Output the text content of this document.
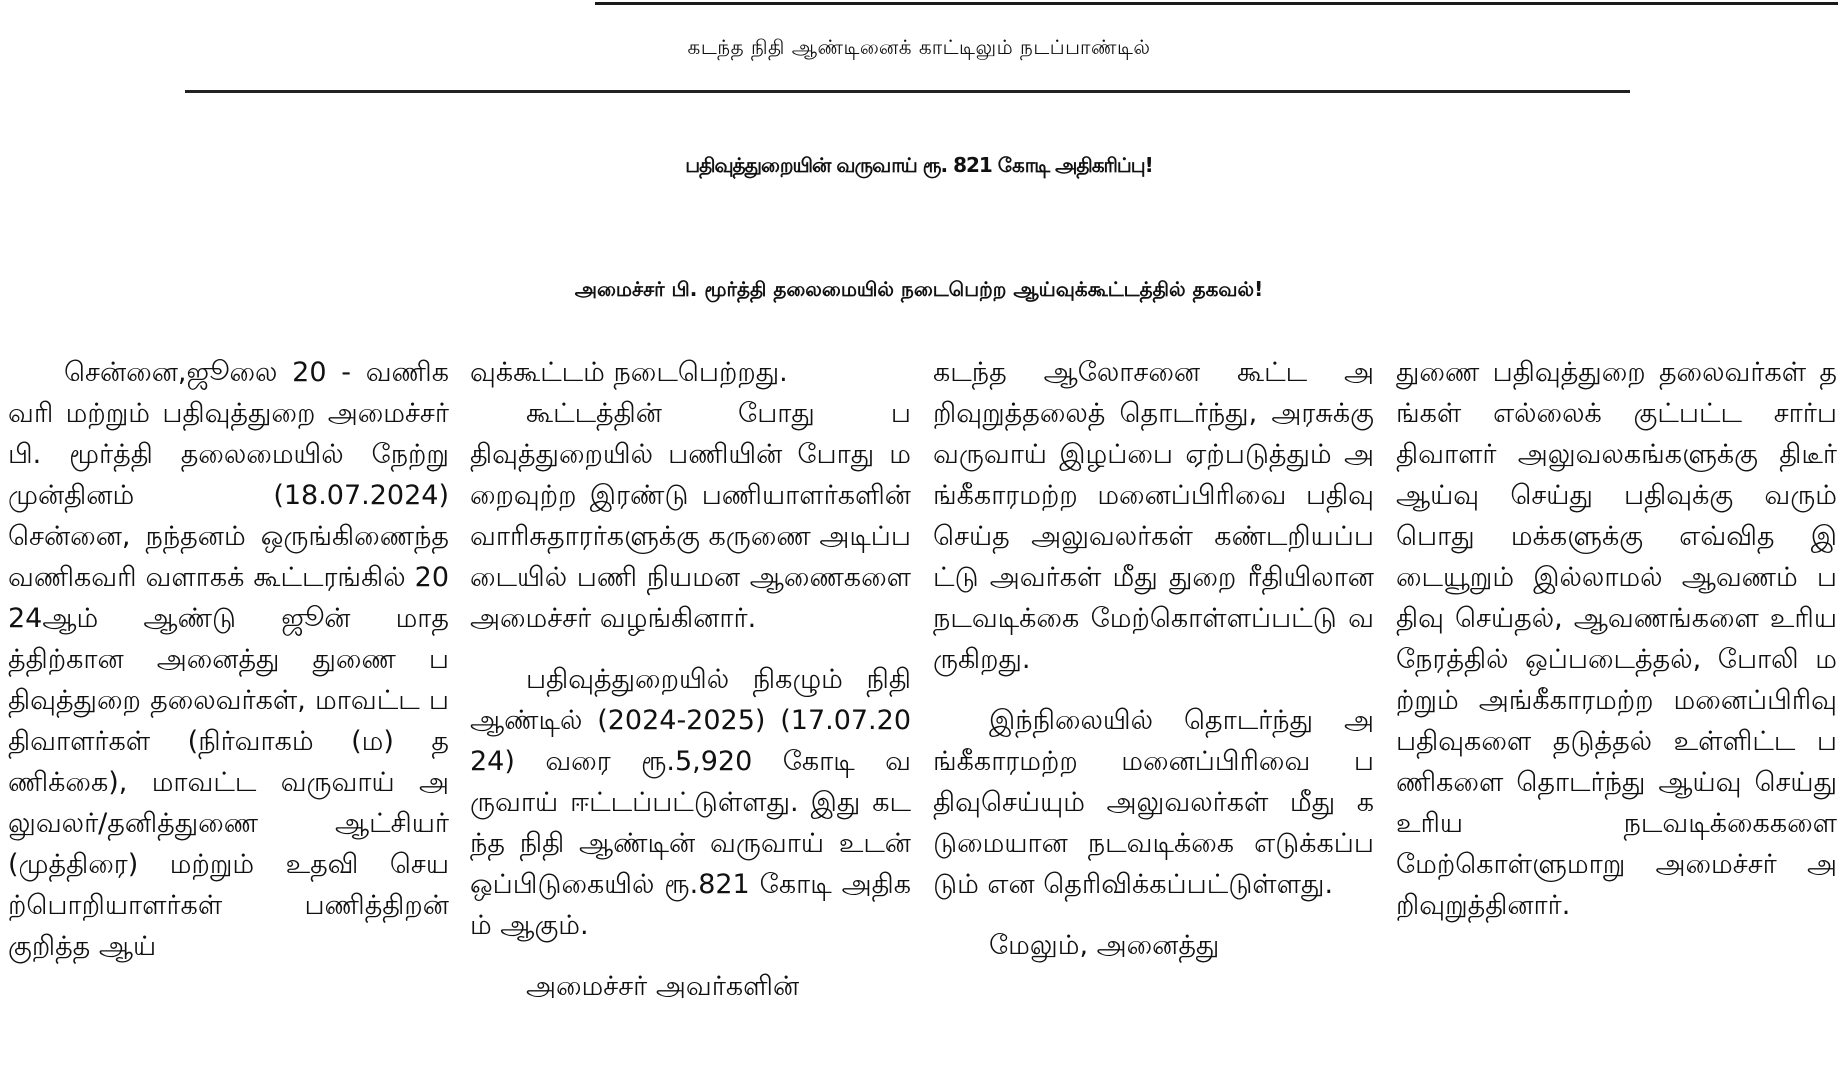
கடந்த நிதி ஆண்டினைக் காட்டிலும் நடப்பாண்டில்
பதிவுத்துறையின் வருவாய் ரூ. 821 கோடி அதிகரிப்பு!
அமைச்சர் பி. மூர்த்தி தலைமையில் நடைபெற்ற ஆய்வுக்கூட்டத்தில் தகவல்!

சென்னை,ஜூலை 20 - வணிகவரி மற்றும் பதிவுத்துறை அமைச்சர் பி. மூர்த்தி தலைமையில் நேற்று முன்தினம் (18.07.2024) சென்னை, நந்தனம் ஒருங்கிணைந்த வணிகவரி வளாகக் கூட்டரங்கில் 2024ஆம் ஆண்டு ஜூன் மாதத்திற்கான அனைத்து துணை பதிவுத்துறை தலைவர்கள், மாவட்ட பதிவாளர்கள் (நிர்வாகம் (ம) தணிக்கை), மாவட்ட வருவாய் அலுவலர்/தனித்துணை ஆட்சியர் (முத்திரை) மற்றும் உதவி செயற்பொறியாளர்கள் பணித்திறன் குறித்த ஆய்

வுக்கூட்டம் நடைபெற்றது.

கூட்டத்தின் போது பதிவுத்துறையில் பணியின் போது மறைவுற்ற இரண்டு பணியாளர்களின் வாரிசுதாரர்களுக்கு கருணை அடிப்படையில் பணி நியமன ஆணைகளை அமைச்சர் வழங்கினார்.

பதிவுத்துறையில் நிகழும் நிதி ஆண்டில் (2024-2025) (17.07.2024) வரை ரூ.5,920 கோடி வருவாய் ஈட்டப்பட்டுள்ளது. இது கடந்த நிதி ஆண்டின் வருவாய் உடன் ஒப்பிடுகையில் ரூ.821 கோடி அதிகம் ஆகும்.

அமைச்சர் அவர்களின்

கடந்த ஆலோசனை கூட்ட அறிவுறுத்தலைத் தொடர்ந்து, அரசுக்கு வருவாய் இழப்பை ஏற்படுத்தும் அங்கீகாரமற்ற மனைப்பிரிவை பதிவு செய்த அலுவலர்கள் கண்டறியப்பட்டு அவர்கள் மீது துறை ரீதியிலான நடவடிக்கை மேற்கொள்ளப்பட்டு வருகிறது.

இந்நிலையில் தொடர்ந்து அங்கீகாரமற்ற மனைப்பிரிவை பதிவுசெய்யும் அலுவலர்கள் மீது கடுமையான நடவடிக்கை எடுக்கப்படும் என தெரிவிக்கப்பட்டுள்ளது.

மேலும், அனைத்து

துணை பதிவுத்துறை தலைவர்கள் தங்கள் எல்லைக் குட்பட்ட சார்பதிவாளர் அலுவலகங்களுக்கு திடீர் ஆய்வு செய்து பதிவுக்கு வரும் பொது மக்களுக்கு எவ்வித இடையூறும் இல்லாமல் ஆவணம் பதிவு செய்தல், ஆவணங்களை உரிய நேரத்தில் ஒப்படைத்தல், போலி மற்றும் அங்கீகாரமற்ற மனைப்பிரிவு பதிவுகளை தடுத்தல் உள்ளிட்ட பணிகளை தொடர்ந்து ஆய்வு செய்து உரிய நடவடிக்கைகளை மேற்கொள்ளுமாறு அமைச்சர் அறிவுறுத்தினார்.
